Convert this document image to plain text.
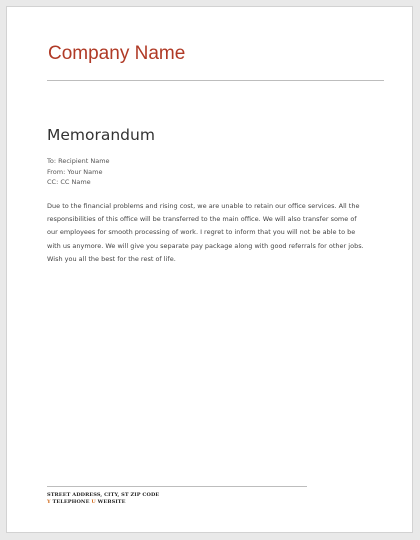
Company Name
Memorandum
To: Recipient Name
From: Your Name
CC: CC Name

Due to the financial problems and rising cost, we are unable to retain our office services. All the responsibilities of this office will be transferred to the main office. We will also transfer some of our employees for smooth processing of work. I regret to inform that you will not be able to be with us anymore. We will give you separate pay package along with good referrals for other jobs. Wish you all the best for the rest of life.

STREET ADDRESS, CITY, ST ZIP CODE
Y TELEPHONE U WEBSITE
